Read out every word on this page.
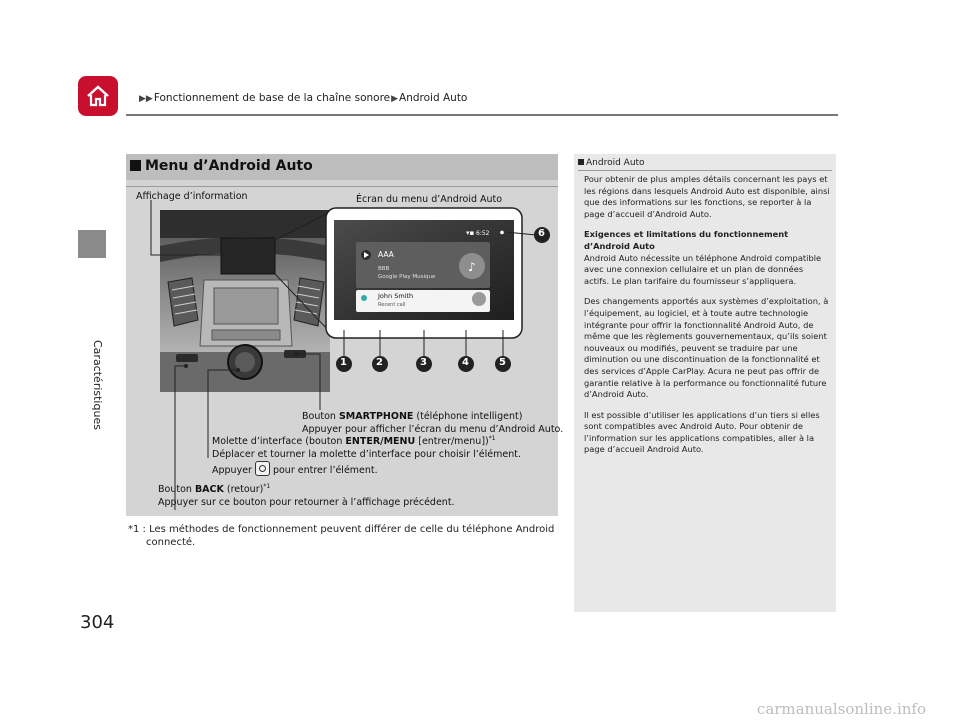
▶▶Fonctionnement de base de la chaîne sonore▶Android Auto
Caractéristiques
304
Menu d’Android Auto
♪
6:52
▾▪	⏺
AAA
BBB
Google Play Musique
John Smith
Recent call
1	2	3	4	5
6
Affichage d’information	Écran du menu d’Android Auto
Bouton SMARTPHONE (téléphone intelligent)
Appuyer pour afficher l’écran du menu d’Android Auto.
Molette d’interface (bouton ENTER/MENU [entrer/menu])$^{*1}$
Déplacer et tourner la molette d’interface pour choisir l’élément.
Appuyer pour entrer l’élément.
Bouton BACK (retour)$^{*1}$
Appuyer sur ce bouton pour retourner à l’affichage précédent.
*1 : Les méthodes de fonctionnement peuvent différer de celle du téléphone Android
connecté.
Android Auto

Pour obtenir de plus amples détails concernant les pays et les régions dans lesquels Android Auto est disponible, ainsi que des informations sur les fonctions, se reporter à la page d’accueil d’Android Auto.

Exigences et limitations du fonctionnement d’Android Auto
Android Auto nécessite un téléphone Android compatible avec une connexion cellulaire et un plan de données actifs. Le plan tarifaire du fournisseur s’appliquera.

Des changements apportés aux systèmes d’exploitation, à l’équipement, au logiciel, et à toute autre technologie intégrante pour offrir la fonctionnalité Android Auto, de même que les règlements gouvernementaux, qu’ils soient nouveaux ou modifiés, peuvent se traduire par une diminution ou une discontinuation de la fonctionnalité et des services d’Apple CarPlay. Acura ne peut pas offrir de garantie relative à la performance ou fonctionnalité future d’Android Auto.

Il est possible d’utiliser les applications d’un tiers si elles sont compatibles avec Android Auto. Pour obtenir de l’information sur les applications compatibles, aller à la page d’accueil Android Auto.

carmanualsonline.info
